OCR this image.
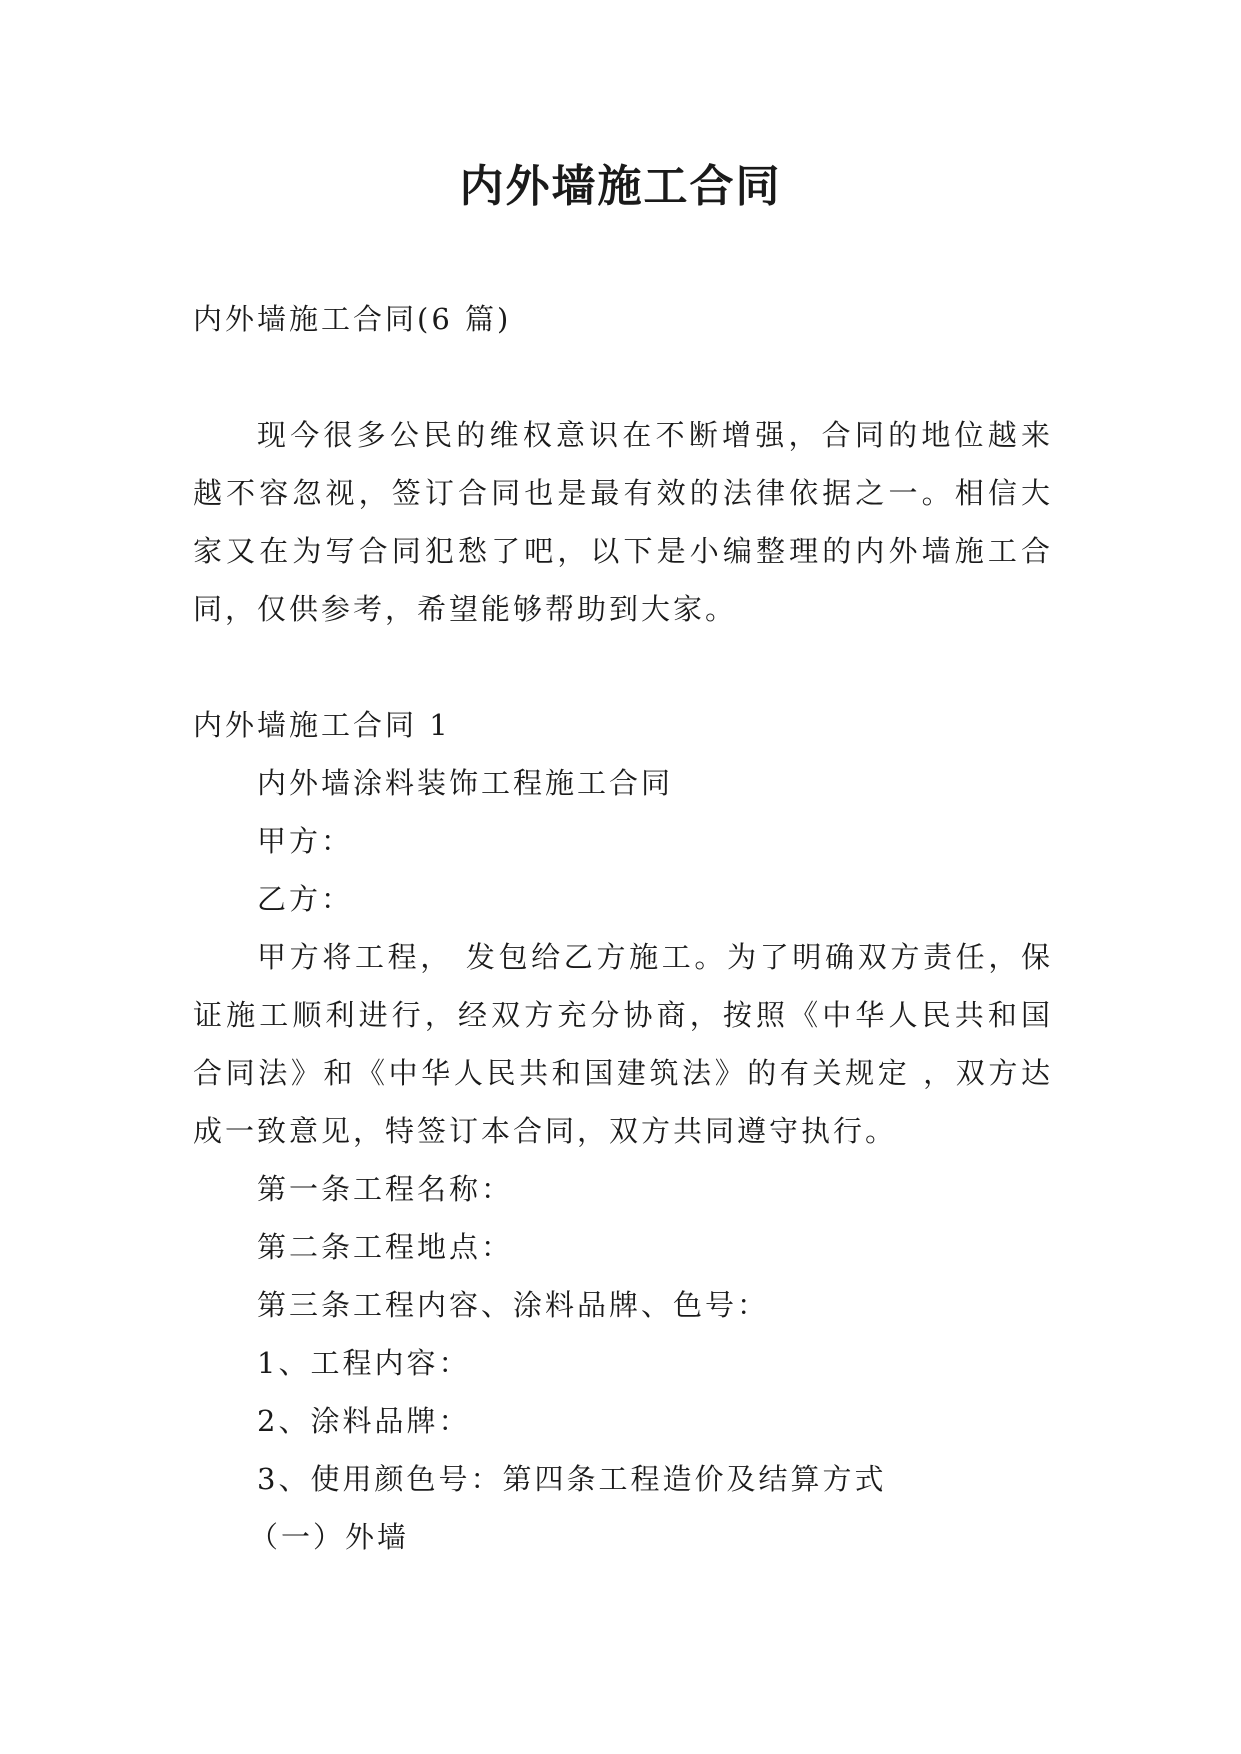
内外墙施工合同

内外墙施工合同(6 篇)

现今很多公民的维权意识在不断增强，合同的地位越来越不容忽视，签订合同也是最有效的法律依据之一。相信大家又在为写合同犯愁了吧，以下是小编整理的内外墙施工合同，仅供参考，希望能够帮助到大家。

内外墙施工合同 1

内外墙涂料装饰工程施工合同

甲方：

乙方：

甲方将工程， 发包给乙方施工。为了明确双方责任，保证施工顺利进行，经双方充分协商，按照《中华人民共和国合同法》和《中华人民共和国建筑法》的有关规定 ，双方达成一致意见，特签订本合同，双方共同遵守执行。

第一条工程名称：

第二条工程地点：

第三条工程内容、涂料品牌、色号：

1、工程内容：

2、涂料品牌：

3、使用颜色号：第四条工程造价及结算方式

（一）外墙
